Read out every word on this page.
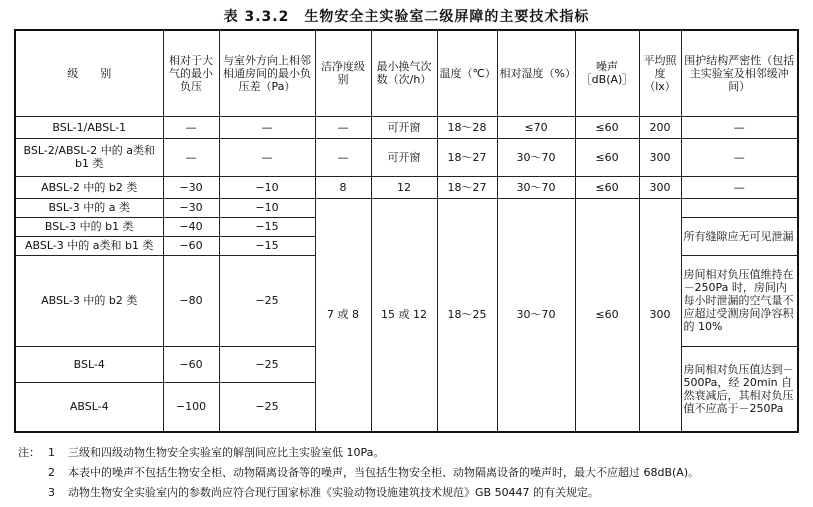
表 3.3.2　生物安全主实验室二级屏障的主要技术指标
级　　别	相对于大气的最小负压	与室外方向上相邻相通房间的最小负压差（Pa）	洁净度级别	最小换气次数（次/h）	温度（℃）	相对湿度（%）	噪声［dB(A)］	平均照度（lx）	围护结构严密性（包括主实验室及相邻缓冲间）
BSL-1/ABSL-1	—	—	—	可开窗	18～28	≤70	≤60	200	—
BSL-2/ABSL-2 中的 a类和 b1 类	—	—	—	可开窗	18～27	30～70	≤60	300	—
ABSL-2 中的 b2 类	−30	−10	8	12	18～27	30～70	≤60	300	—
BSL-3 中的 a 类	−30	−10	7 或 8	15 或 12	18～25	30～70	≤60	300	
BSL-3 中的 b1 类	−40	−15							所有缝隙应无可见泄漏
ABSL-3 中的 a类和 b1 类	−60	−15							
ABSL-3 中的 b2 类	−80	−25							房间相对负压值维持在－250Pa 时，房间内每小时泄漏的空气量不应超过受测房间净容积的 10%
BSL-4	−60	−25							房间相对负压值达到－500Pa，经 20min 自然衰减后，其相对负压值不应高于－250Pa
ABSL-4	−100	−25							
注： 1	三级和四级动物生物安全实验室的解剖间应比主实验室低 10Pa。
2	本表中的噪声不包括生物安全柜、动物隔离设备等的噪声，当包括生物安全柜、动物隔离设备的噪声时，最大不应超过 68dB(A)。
3	动物生物安全实验室内的参数尚应符合现行国家标准《实验动物设施建筑技术规范》GB 50447 的有关规定。
